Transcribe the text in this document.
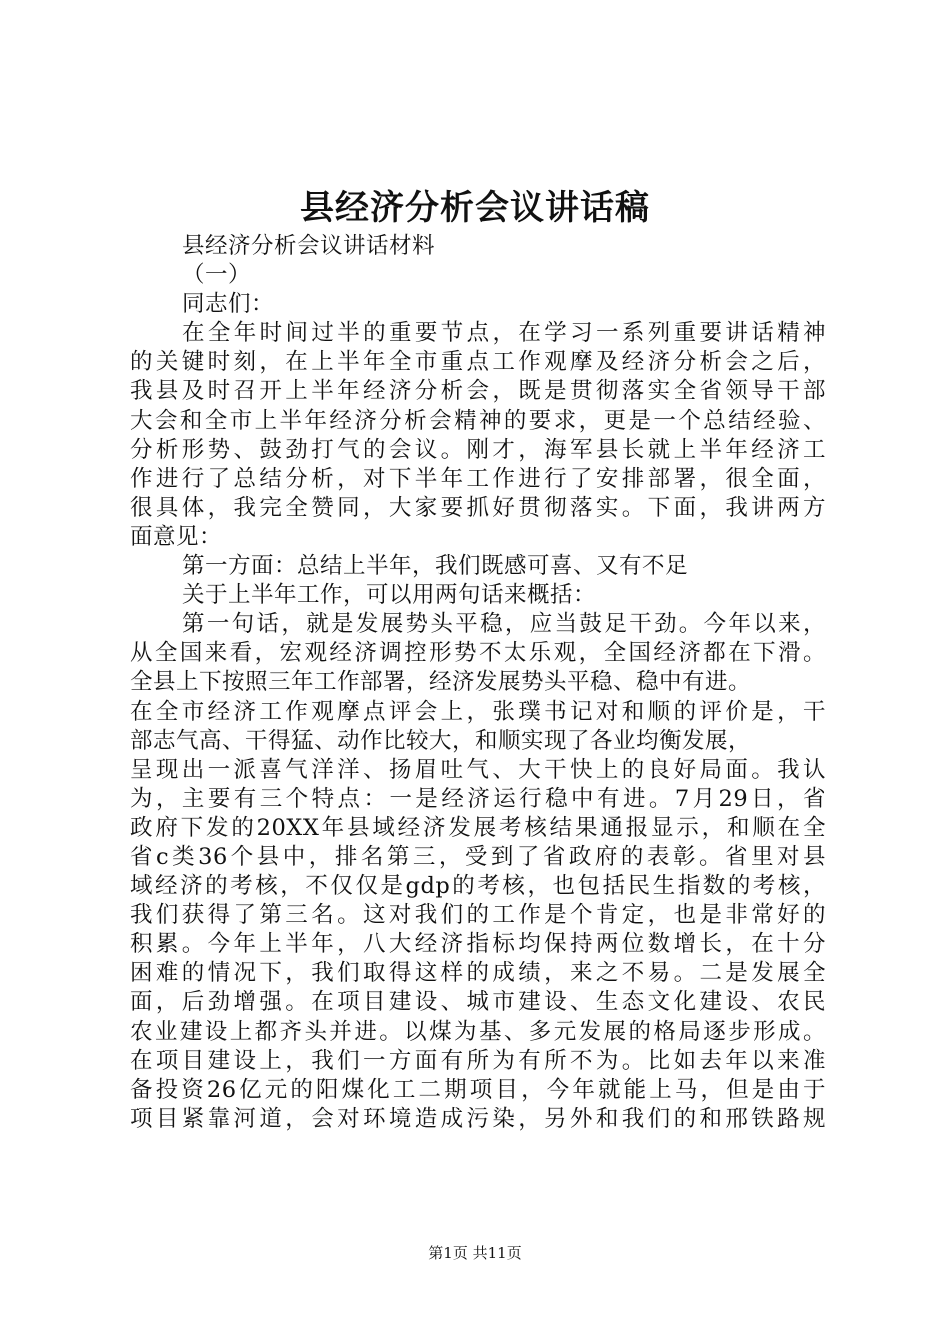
县经济分析会议讲话稿
县经济分析会议讲话材料
（一）
同志们：
在全年时间过半的重要节点，在学习一系列重要讲话精神
的关键时刻，在上半年全市重点工作观摩及经济分析会之后，
我县及时召开上半年经济分析会，既是贯彻落实全省领导干部
大会和全市上半年经济分析会精神的要求，更是一个总结经验、
分析形势、鼓劲打气的会议。刚才，海军县长就上半年经济工
作进行了总结分析，对下半年工作进行了安排部署，很全面，
很具体，我完全赞同，大家要抓好贯彻落实。下面，我讲两方
面意见：
第一方面：总结上半年，我们既感可喜、又有不足
关于上半年工作，可以用两句话来概括：
第一句话，就是发展势头平稳，应当鼓足干劲。今年以来，
从全国来看，宏观经济调控形势不太乐观，全国经济都在下滑。
全县上下按照三年工作部署，经济发展势头平稳、稳中有进。
在全市经济工作观摩点评会上，张璞书记对和顺的评价是，干
部志气高、干得猛、动作比较大，和顺实现了各业均衡发展，
呈现出一派喜气洋洋、扬眉吐气、大干快上的良好局面。我认
为，主要有三个特点：一是经济运行稳中有进。7月29日，省
政府下发的20XX年县域经济发展考核结果通报显示，和顺在全
省c类36个县中，排名第三，受到了省政府的表彰。省里对县
域经济的考核，不仅仅是gdp的考核，也包括民生指数的考核，
我们获得了第三名。这对我们的工作是个肯定，也是非常好的
积累。今年上半年，八大经济指标均保持两位数增长，在十分
困难的情况下，我们取得这样的成绩，来之不易。二是发展全
面，后劲增强。在项目建设、城市建设、生态文化建设、农民
农业建设上都齐头并进。以煤为基、多元发展的格局逐步形成。
在项目建设上，我们一方面有所为有所不为。比如去年以来准
备投资26亿元的阳煤化工二期项目，今年就能上马，但是由于
项目紧靠河道，会对环境造成污染，另外和我们的和邢铁路规
第1页 共11页
